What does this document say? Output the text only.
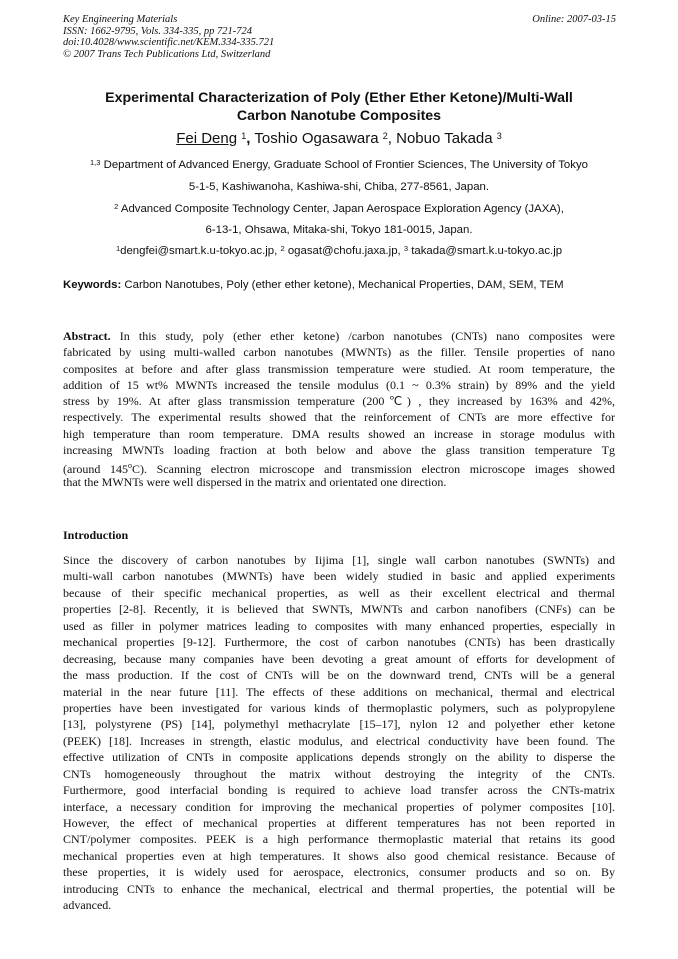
Key Engineering Materials
ISSN: 1662-9795, Vols. 334-335, pp 721-724
doi:10.4028/www.scientific.net/KEM.334-335.721
© 2007 Trans Tech Publications Ltd, Switzerland
Online: 2007-03-15
Experimental Characterization of Poly (Ether Ether Ketone)/Multi-Wall
Carbon Nanotube Composites
Fei Deng $^1$, Toshio Ogasawara $^2$, Nobuo Takada $^3$
$^{1,3}$ Department of Advanced Energy, Graduate School of Frontier Sciences, The University of Tokyo
5-1-5, Kashiwanoha, Kashiwa-shi, Chiba, 277-8561, Japan.
$^2$ Advanced Composite Technology Center, Japan Aerospace Exploration Agency (JAXA),
6-13-1, Ohsawa, Mitaka-shi, Tokyo 181-0015, Japan.
$^1$dengfei@smart.k.u-tokyo.ac.jp, $^2$ ogasat@chofu.jaxa.jp, $^3$ takada@smart.k.u-tokyo.ac.jp
Keywords: Carbon Nanotubes, Poly (ether ether ketone), Mechanical Properties, DAM, SEM, TEM
Abstract. In this study, poly (ether ether ketone) /carbon nanotubes (CNTs) nano composites were
fabricated by using multi-walled carbon nanotubes (MWNTs) as the filler. Tensile properties of nano
composites at before and after glass transmission temperature were studied. At room temperature, the
addition of 15 wt% MWNTs increased the tensile modulus (0.1 ~ 0.3% strain) by 89% and the yield
stress by 19%. At after glass transmission temperature (200℃) , they increased by 163% and 42%,
respectively. The experimental results showed that the reinforcement of CNTs are more effective for
high temperature than room temperature. DMA results showed an increase in storage modulus with
increasing MWNTs loading fraction at both below and above the glass transition temperature Tg
(around 145$^o$C). Scanning electron microscope and transmission electron microscope images showed
that the MWNTs were well dispersed in the matrix and orientated one direction.
Introduction
Since the discovery of carbon nanotubes by Iijima [1], single wall carbon nanotubes (SWNTs) and
multi-wall carbon nanotubes (MWNTs) have been widely studied in basic and applied experiments
because of their specific mechanical properties, as well as their excellent electrical and thermal
properties [2-8]. Recently, it is believed that SWNTs, MWNTs and carbon nanofibers (CNFs) can be
used as filler in polymer matrices leading to composites with many enhanced properties, especially in
mechanical properties [9-12]. Furthermore, the cost of carbon nanotubes (CNTs) has been drastically
decreasing, because many companies have been devoting a great amount of efforts for development of
the mass production. If the cost of CNTs will be on the downward trend, CNTs will be a general
material in the near future [11]. The effects of these additions on mechanical, thermal and electrical
properties have been investigated for various kinds of thermoplastic polymers, such as polypropylene
[13], polystyrene (PS) [14], polymethyl methacrylate [15–17], nylon 12 and polyether ether ketone
(PEEK) [18]. Increases in strength, elastic modulus, and electrical conductivity have been found. The
effective utilization of CNTs in composite applications depends strongly on the ability to disperse the
CNTs homogeneously throughout the matrix without destroying the integrity of the CNTs.
Furthermore, good interfacial bonding is required to achieve load transfer across the CNTs-matrix
interface, a necessary condition for improving the mechanical properties of polymer composites [10].
However, the effect of mechanical properties at different temperatures has not been reported in
CNT/polymer composites. PEEK is a high performance thermoplastic material that retains its good
mechanical properties even at high temperatures. It shows also good chemical resistance. Because of
these properties, it is widely used for aerospace, electronics, consumer products and so on. By
introducing CNTs to enhance the mechanical, electrical and thermal properties, the potential will be
advanced.
